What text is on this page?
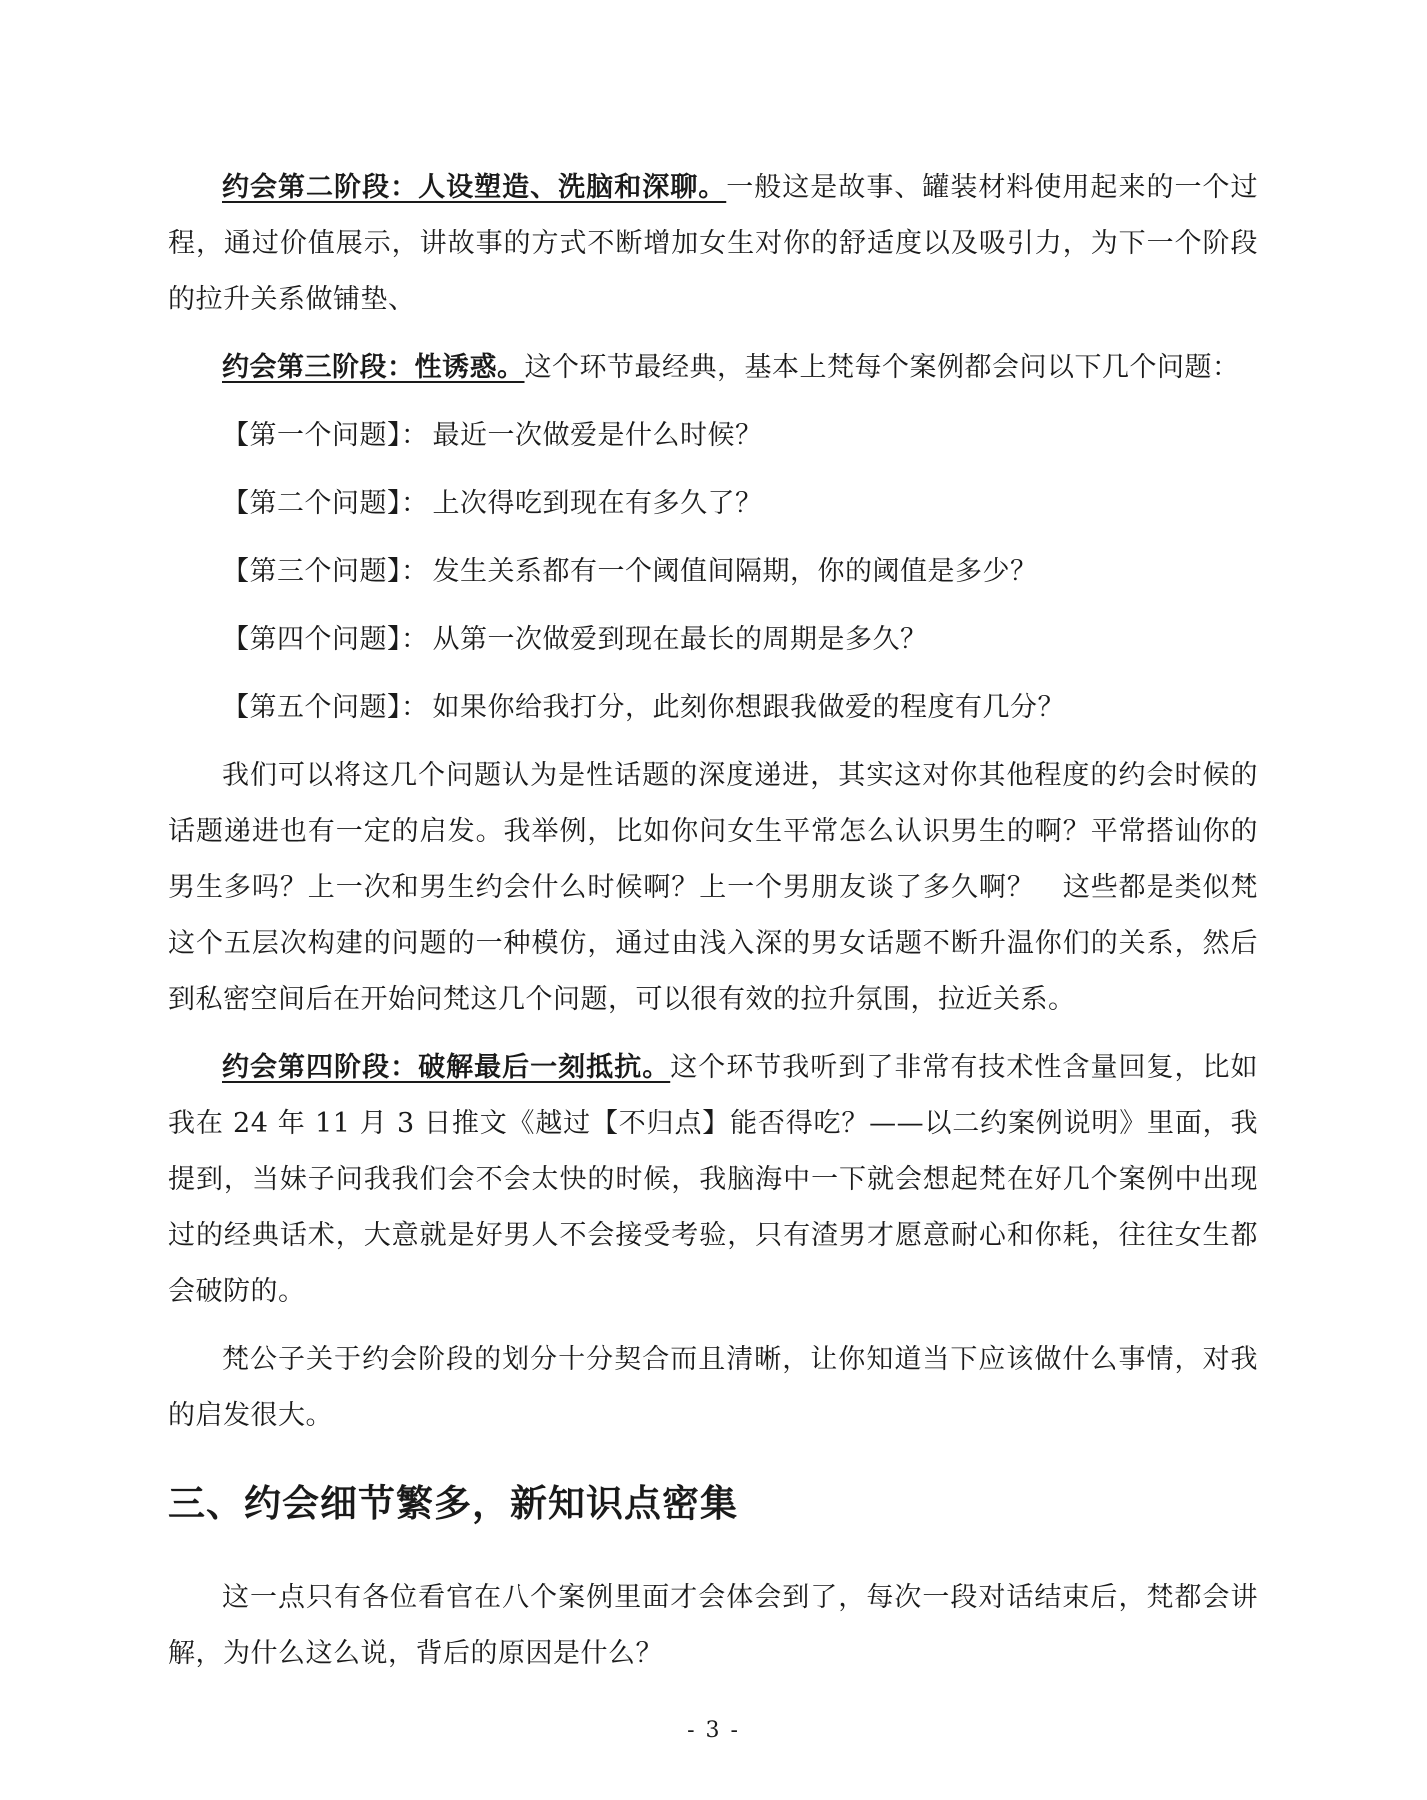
约会第二阶段：人设塑造、洗脑和深聊。一般这是故事、罐装材料使用起来的一个过程，通过价值展示，讲故事的方式不断增加女生对你的舒适度以及吸引力，为下一个阶段的拉升关系做铺垫、

约会第三阶段：性诱惑。这个环节最经典，基本上梵每个案例都会问以下几个问题：

【第一个问题】： 最近一次做爱是什么时候？
【第二个问题】： 上次得吃到现在有多久了？
【第三个问题】： 发生关系都有一个阈值间隔期，你的阈值是多少？
【第四个问题】： 从第一次做爱到现在最长的周期是多久？
【第五个问题】： 如果你给我打分，此刻你想跟我做爱的程度有几分？

我们可以将这几个问题认为是性话题的深度递进，其实这对你其他程度的约会时候的话题递进也有一定的启发。我举例，比如你问女生平常怎么认识男生的啊？平常搭讪你的男生多吗？上一次和男生约会什么时候啊？上一个男朋友谈了多久啊？　这些都是类似梵这个五层次构建的问题的一种模仿，通过由浅入深的男女话题不断升温你们的关系，然后到私密空间后在开始问梵这几个问题，可以很有效的拉升氛围，拉近关系。

约会第四阶段：破解最后一刻抵抗。这个环节我听到了非常有技术性含量回复，比如我在 24 年 11 月 3 日推文《越过【不归点】能否得吃？——以二约案例说明》里面，我提到，当妹子问我我们会不会太快的时候，我脑海中一下就会想起梵在好几个案例中出现过的经典话术，大意就是好男人不会接受考验，只有渣男才愿意耐心和你耗，往往女生都会破防的。

梵公子关于约会阶段的划分十分契合而且清晰，让你知道当下应该做什么事情，对我的启发很大。

三、约会细节繁多，新知识点密集

这一点只有各位看官在八个案例里面才会体会到了，每次一段对话结束后，梵都会讲解，为什么这么说，背后的原因是什么？

- 3 -
